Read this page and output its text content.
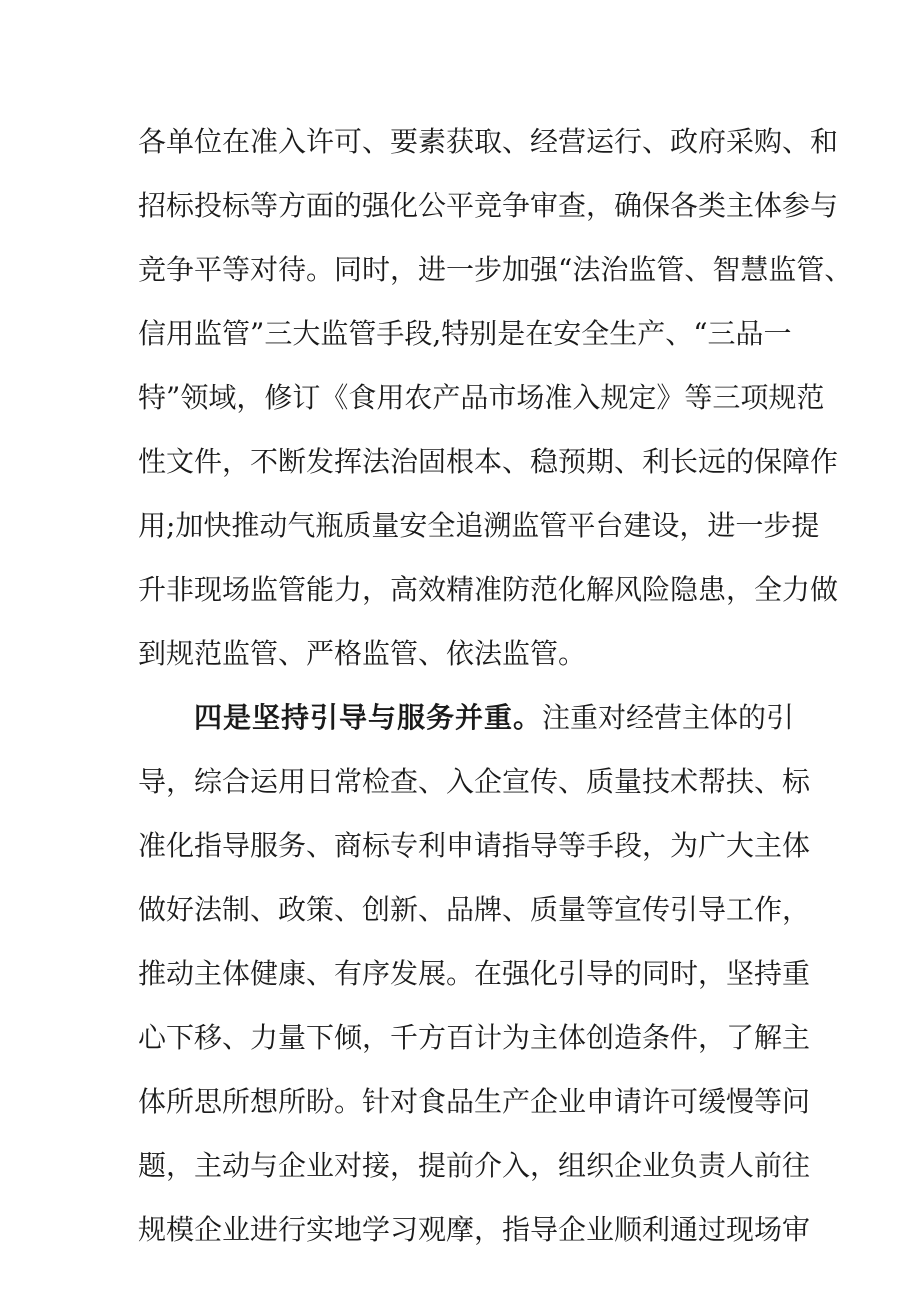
各单位在准入许可、要素获取、经营运行、政府采购、和
招标投标等方面的强化公平竞争审查，确保各类主体参与
竞争平等对待。同时，进一步加强“法治监管、智慧监管、
信用监管”三大监管手段,特别是在安全生产、“三品一
特”领域，修订《食用农产品市场准入规定》等三项规范
性文件，不断发挥法治固根本、稳预期、利长远的保障作
用;加快推动气瓶质量安全追溯监管平台建设，进一步提
升非现场监管能力，高效精准防范化解风险隐患，全力做
到规范监管、严格监管、依法监管。
四是坚持引导与服务并重。注重对经营主体的引
导，综合运用日常检查、入企宣传、质量技术帮扶、标
准化指导服务、商标专利申请指导等手段，为广大主体
做好法制、政策、创新、品牌、质量等宣传引导工作，
推动主体健康、有序发展。在强化引导的同时，坚持重
心下移、力量下倾，千方百计为主体创造条件，了解主
体所思所想所盼。针对食品生产企业申请许可缓慢等问
题，主动与企业对接，提前介入，组织企业负责人前往
规模企业进行实地学习观摩，指导企业顺利通过现场审
